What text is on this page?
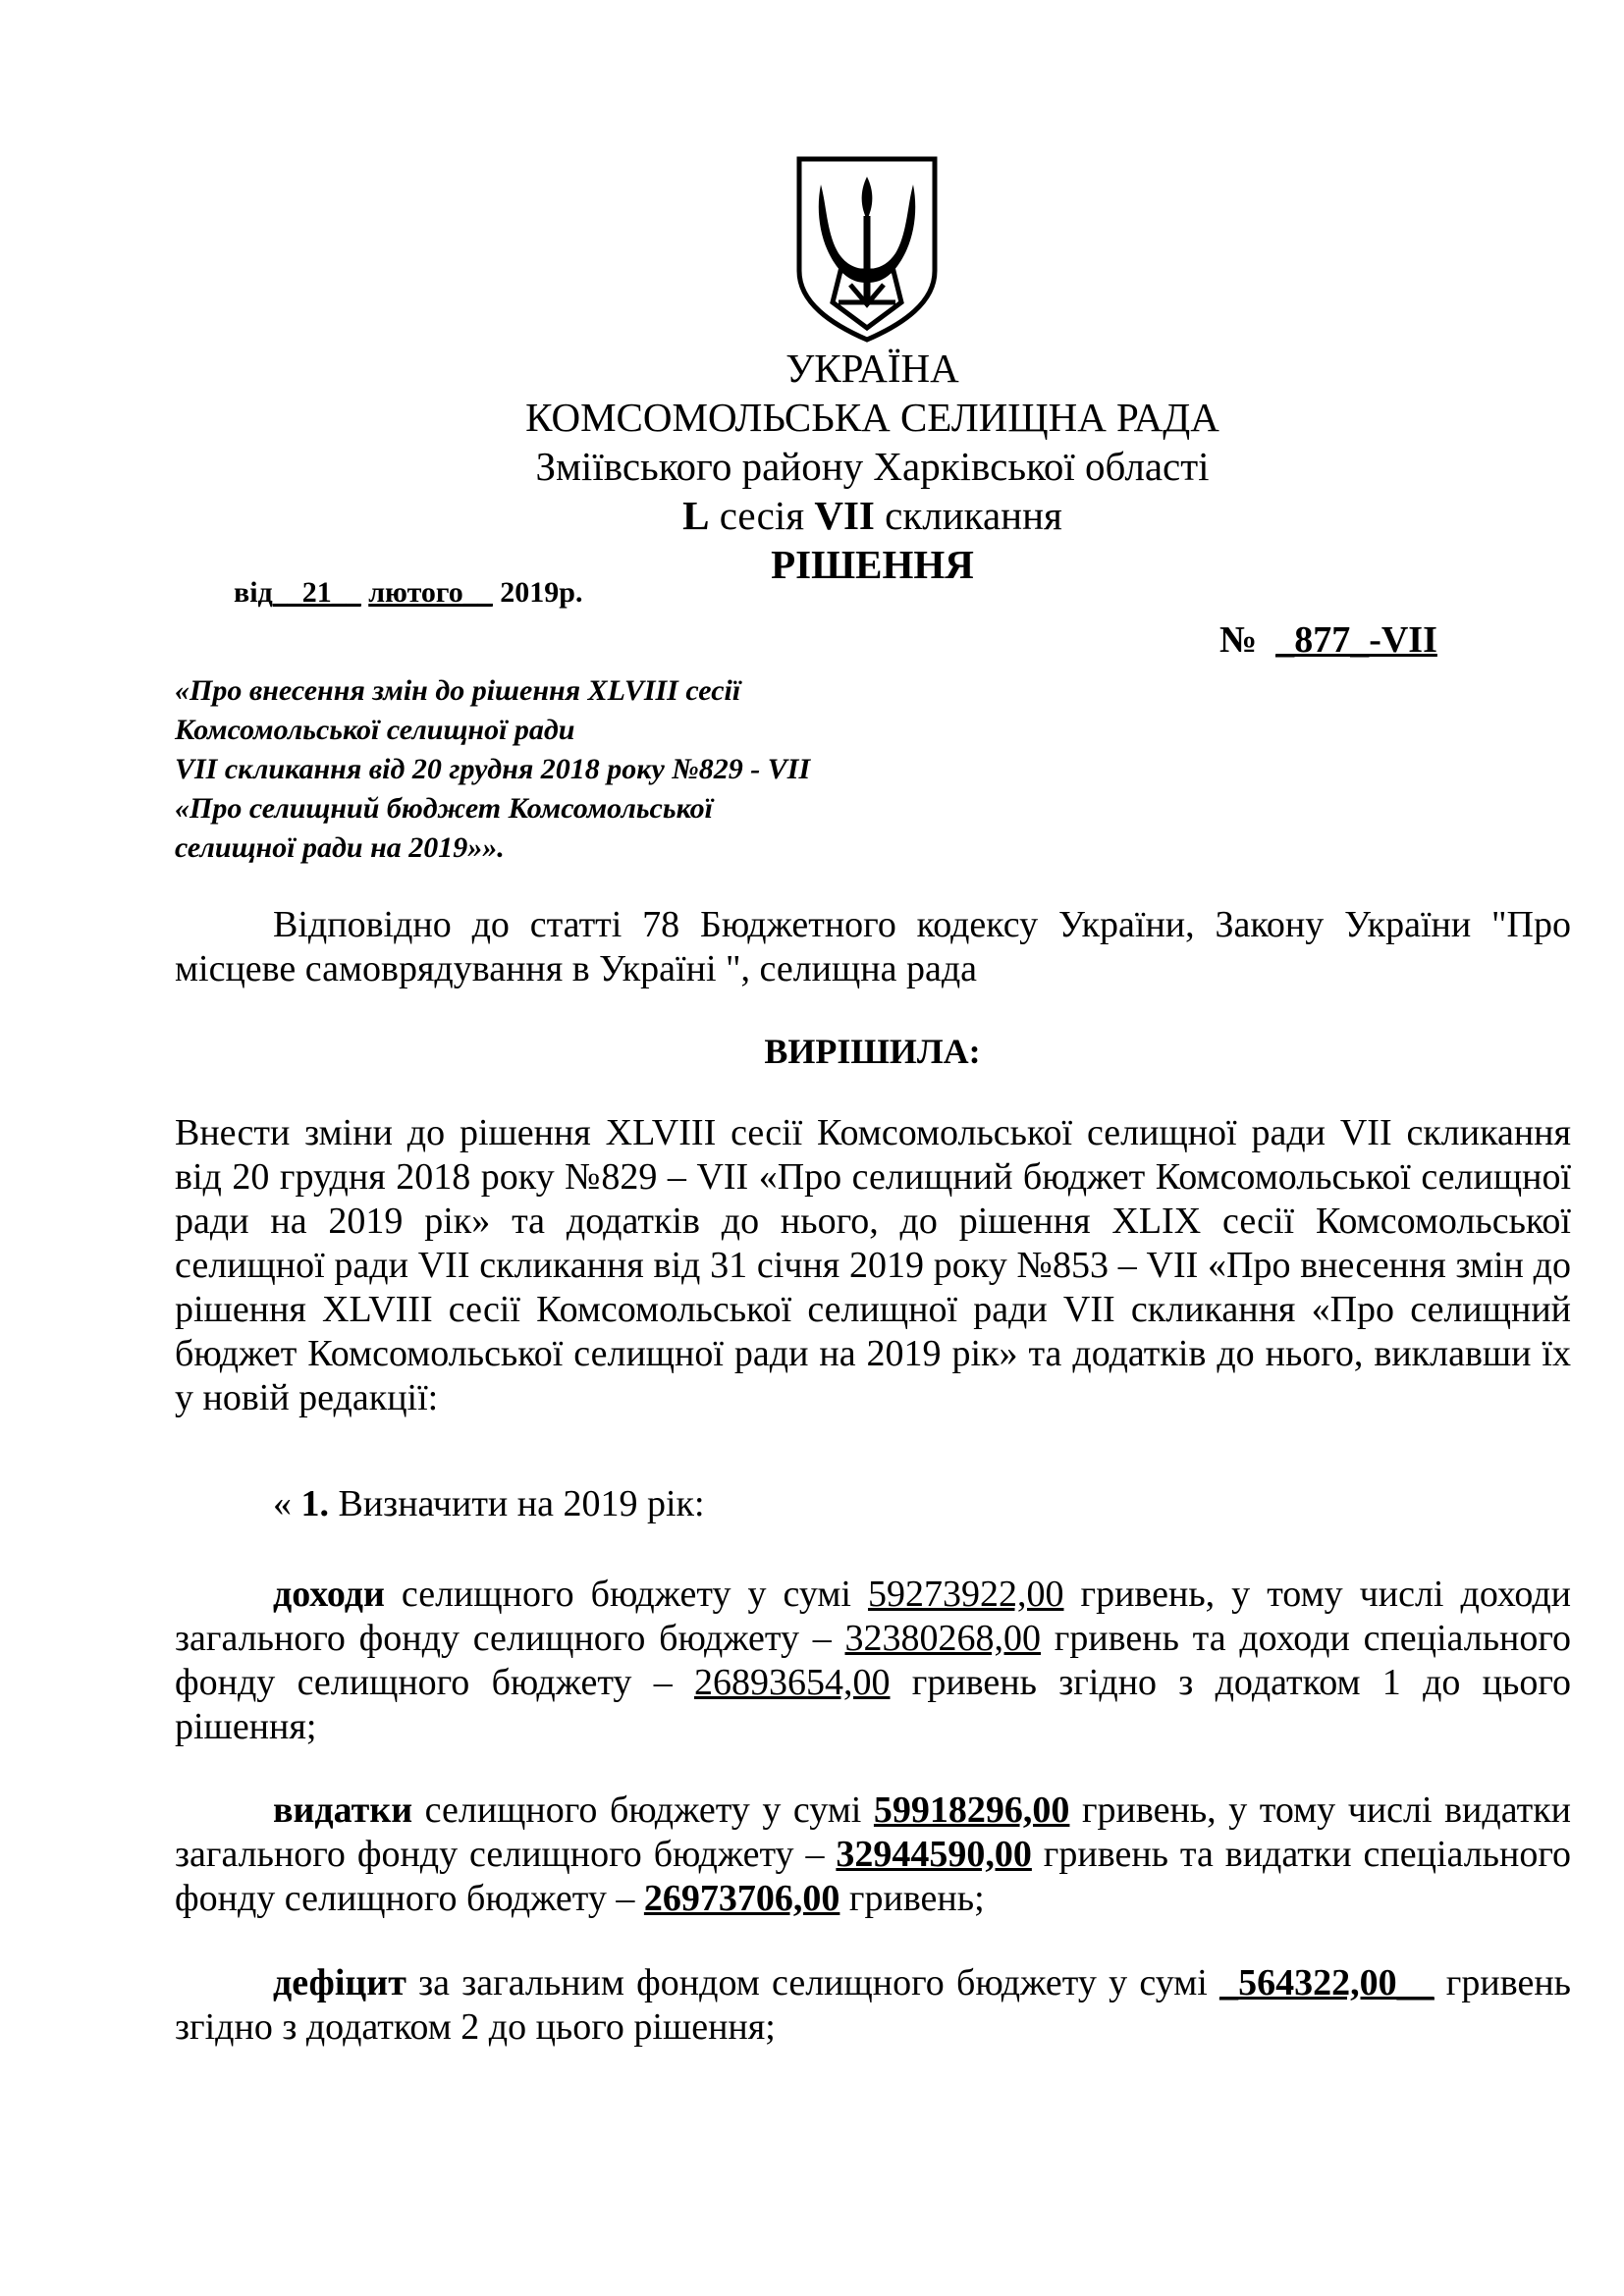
УКРАЇНА
КОМСОМОЛЬСЬКА СЕЛИЩНА РАДА
Зміївського району Харківської області
L сесія VII скликання
РІШЕННЯ
від__21__ лютого__ 2019р.
№ _877_-VII
«Про внесення змін до рішення XLVIII сесії
Комсомольської селищної ради
VII скликання від 20 грудня 2018 року №829 - VII
«Про селищний бюджет Комсомольської
селищної ради на 2019»».
Відповідно до статті 78 Бюджетного кодексу України, Закону України "Про місцеве самоврядування в Україні ", селищна рада
ВИРІШИЛА:
Внести зміни до рішення XLVIII сесії Комсомольської селищної ради VII скликання від 20 грудня 2018 року №829 – VII «Про селищний бюджет Комсомольської селищної ради на 2019 рік» та додатків до нього, до рішення XLIX сесії Комсомольської селищної ради VII скликання від 31 січня 2019 року №853 – VII «Про внесення змін до рішення XLVIII сесії Комсомольської селищної ради VII скликання «Про селищний бюджет Комсомольської селищної ради на 2019 рік» та додатків до нього, виклавши їх у новій редакції:
« 1. Визначити на 2019 рік:
доходи селищного бюджету у сумі 59273922,00 гривень, у тому числі доходи загального фонду селищного бюджету – 32380268,00 гривень та доходи спеціального фонду селищного бюджету – 26893654,00 гривень згідно з додатком 1 до цього рішення;
видатки селищного бюджету у сумі 59918296,00 гривень, у тому числі видатки загального фонду селищного бюджету – 32944590,00 гривень та видатки спеціального фонду селищного бюджету – 26973706,00 гривень;
дефіцит за загальним фондом селищного бюджету у сумі _564322,00__ гривень згідно з додатком 2 до цього рішення;
